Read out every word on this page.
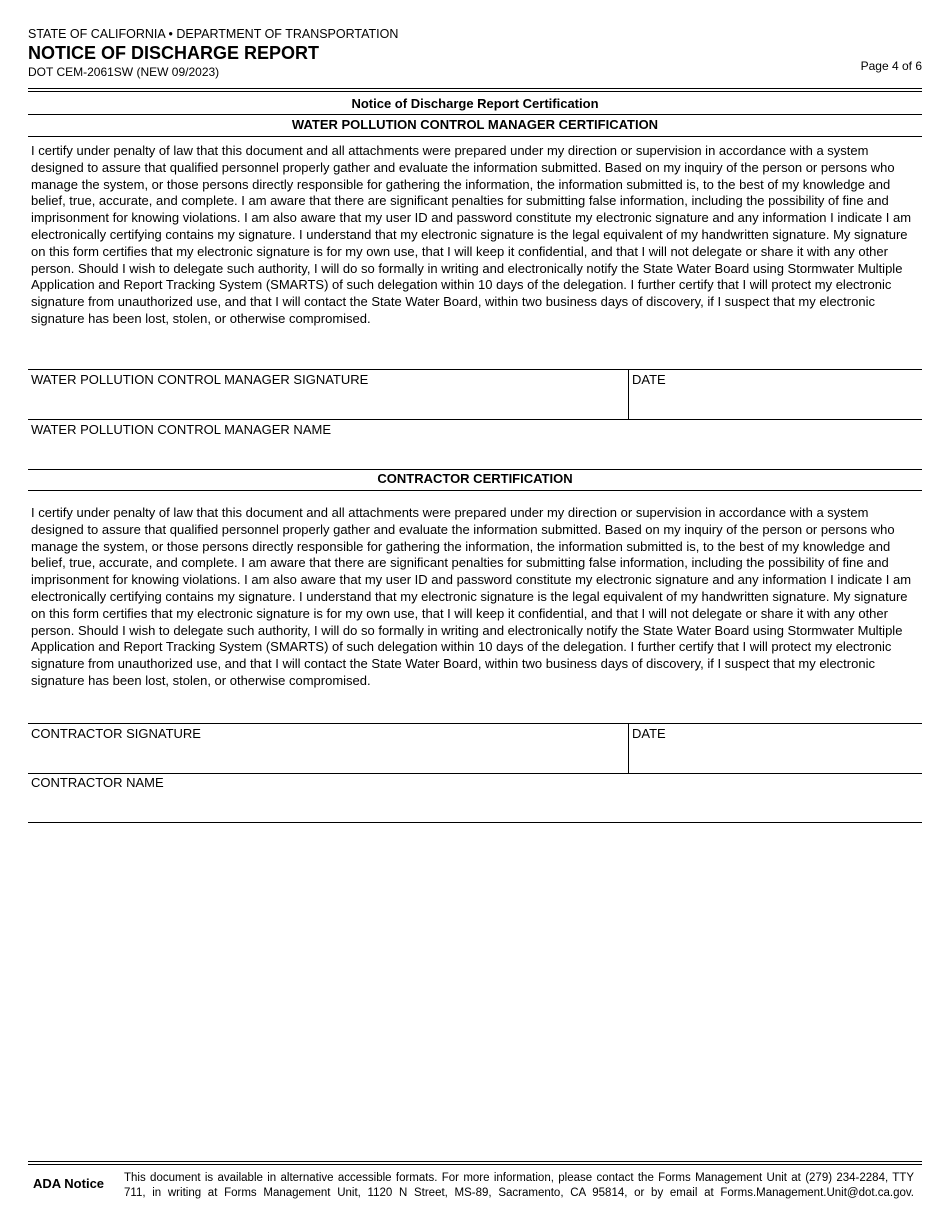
STATE OF CALIFORNIA • DEPARTMENT OF TRANSPORTATION
NOTICE OF DISCHARGE REPORT
DOT CEM-2061SW (NEW 09/2023)	Page 4 of 6
Notice of Discharge Report Certification
WATER POLLUTION CONTROL MANAGER CERTIFICATION

I certify under penalty of law that this document and all attachments were prepared under my direction or supervision in accordance with a system designed to assure that qualified personnel properly gather and evaluate the information submitted. Based on my inquiry of the person or persons who manage the system, or those persons directly responsible for gathering the information, the information submitted is, to the best of my knowledge and belief, true, accurate, and complete. I am aware that there are significant penalties for submitting false information, including the possibility of fine and imprisonment for knowing violations. I am also aware that my user ID and password constitute my electronic signature and any information I indicate I am electronically certifying contains my signature. I understand that my electronic signature is the legal equivalent of my handwritten signature. My signature on this form certifies that my electronic signature is for my own use, that I will keep it confidential, and that I will not delegate or share it with any other person. Should I wish to delegate such authority, I will do so formally in writing and electronically notify the State Water Board using Stormwater Multiple Application and Report Tracking System (SMARTS) of such delegation within 10 days of the delegation. I further certify that I will protect my electronic signature from unauthorized use, and that I will contact the State Water Board, within two business days of discovery, if I suspect that my electronic signature has been lost, stolen, or otherwise compromised.

WATER POLLUTION CONTROL MANAGER SIGNATURE	DATE
WATER POLLUTION CONTROL MANAGER NAME
CONTRACTOR CERTIFICATION

I certify under penalty of law that this document and all attachments were prepared under my direction or supervision in accordance with a system designed to assure that qualified personnel properly gather and evaluate the information submitted. Based on my inquiry of the person or persons who manage the system, or those persons directly responsible for gathering the information, the information submitted is, to the best of my knowledge and belief, true, accurate, and complete. I am aware that there are significant penalties for submitting false information, including the possibility of fine and imprisonment for knowing violations. I am also aware that my user ID and password constitute my electronic signature and any information I indicate I am electronically certifying contains my signature. I understand that my electronic signature is the legal equivalent of my handwritten signature. My signature on this form certifies that my electronic signature is for my own use, that I will keep it confidential, and that I will not delegate or share it with any other person. Should I wish to delegate such authority, I will do so formally in writing and electronically notify the State Water Board using Stormwater Multiple Application and Report Tracking System (SMARTS) of such delegation within 10 days of the delegation. I further certify that I will protect my electronic signature from unauthorized use, and that I will contact the State Water Board, within two business days of discovery, if I suspect that my electronic signature has been lost, stolen, or otherwise compromised.

CONTRACTOR SIGNATURE	DATE
CONTRACTOR NAME
ADA Notice This document is available in alternative accessible formats. For more information, please contact the Forms Management Unit at (279) 234-2284, TTY 711, in writing at Forms Management Unit, 1120 N Street, MS-89, Sacramento, CA 95814, or by email at Forms.Management.Unit@dot.ca.gov.
